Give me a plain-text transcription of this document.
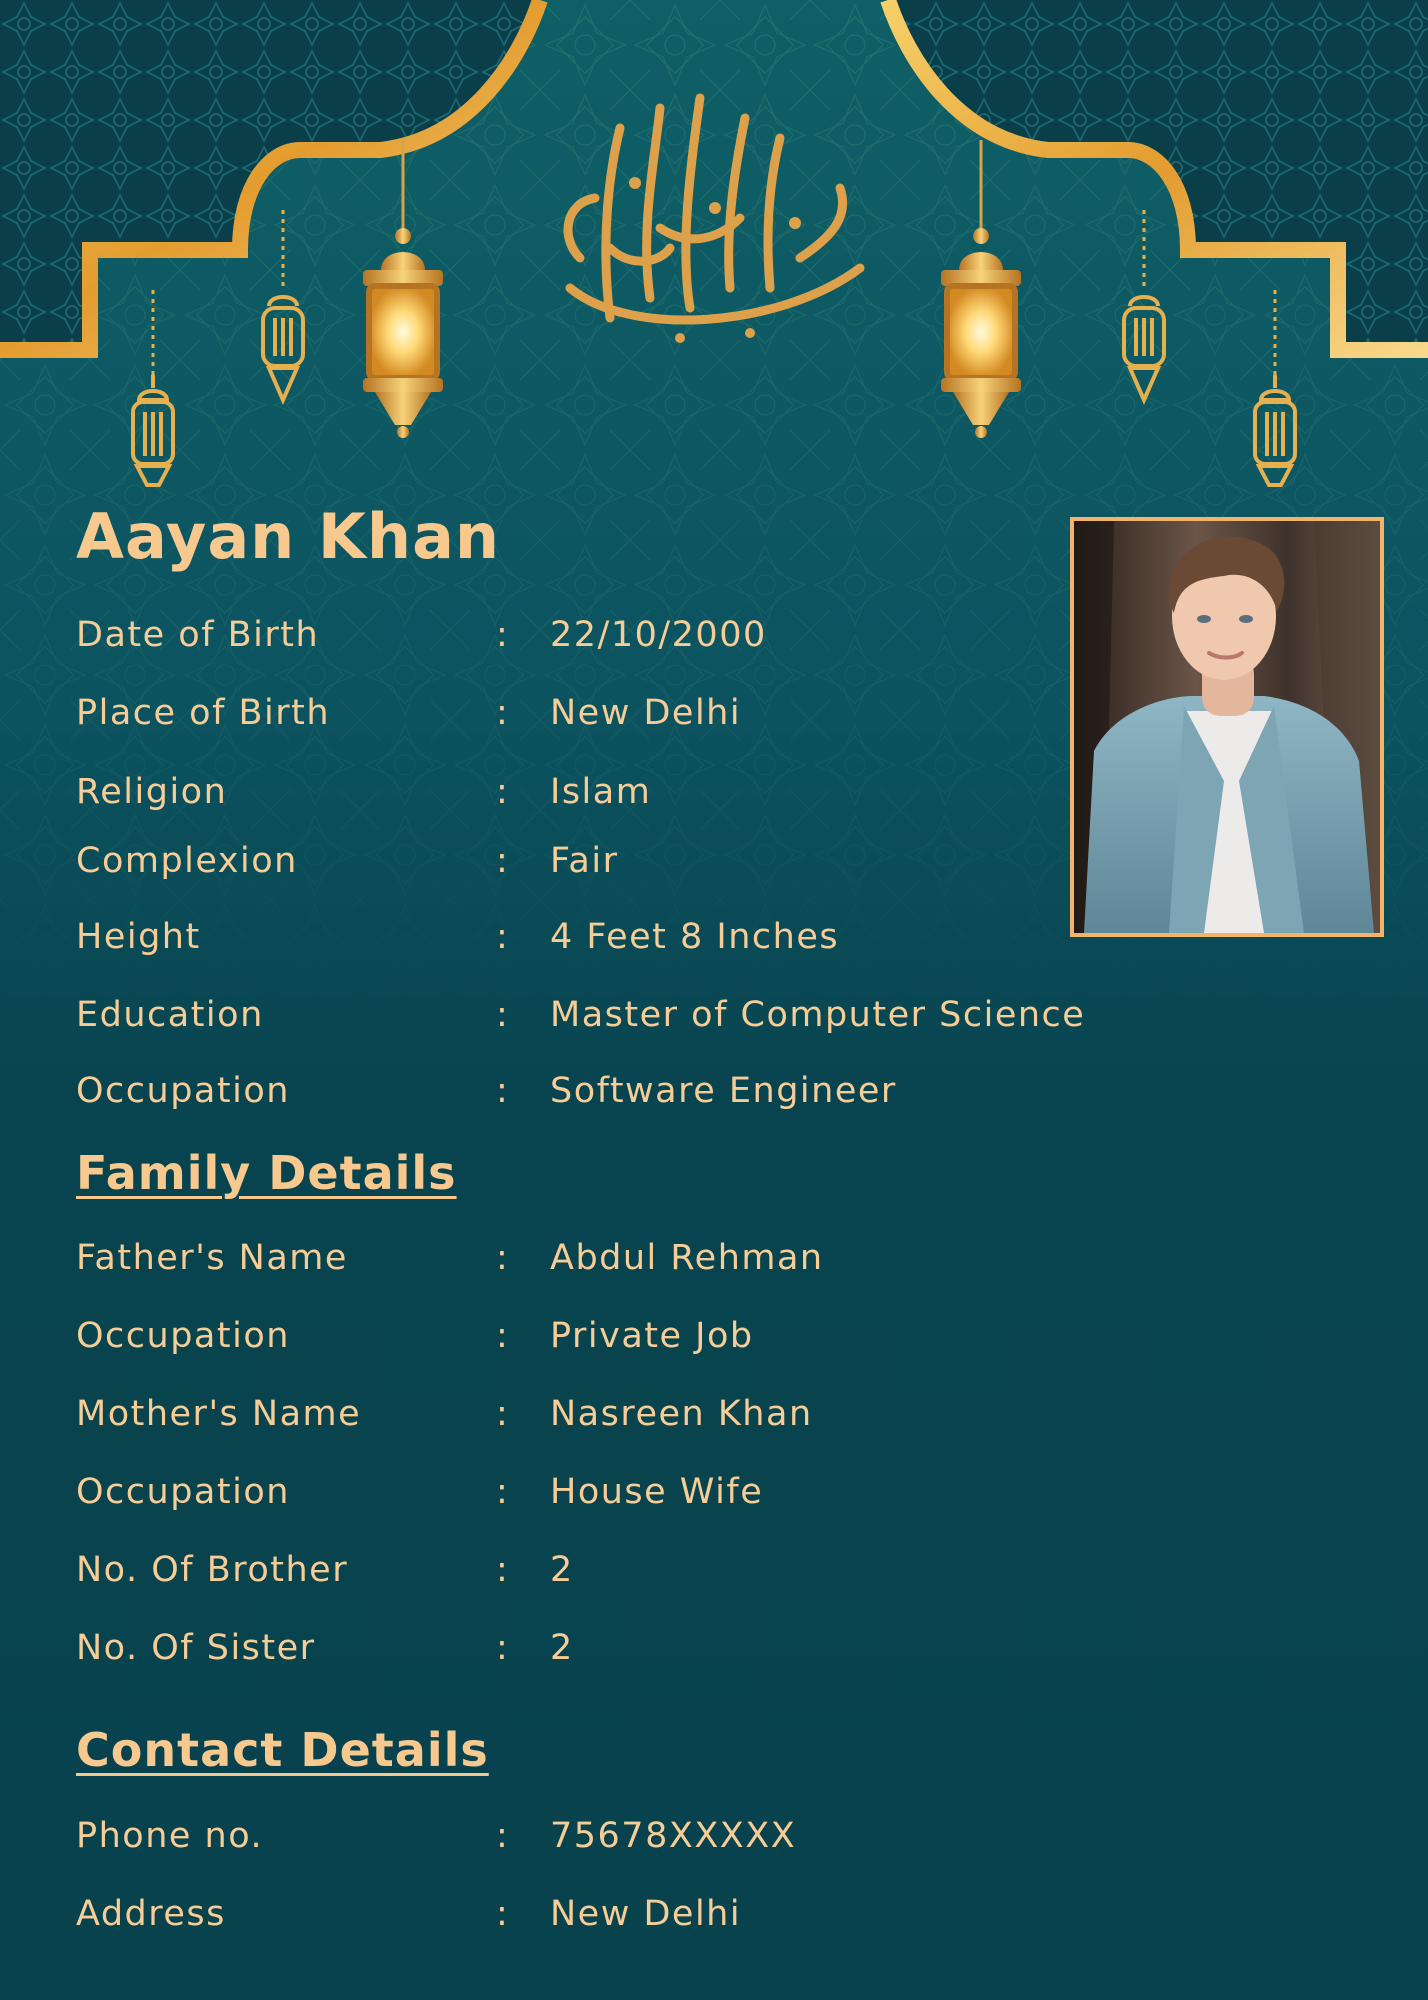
Aayan Khan
Date of Birth	:	22/10/2000
Place of Birth	:	New Delhi
Religion	:	Islam
Complexion	:	Fair
Height	:	4 Feet 8 Inches
Education	:	Master of Computer Science
Occupation	:	Software Engineer
Family Details
Father's Name	:	Abdul Rehman
Occupation	:	Private Job
Mother's Name	:	Nasreen Khan
Occupation	:	House Wife
No. Of Brother	:	2
No. Of Sister	:	2
Contact Details
Phone no.	:	75678XXXXX
Address	:	New Delhi
